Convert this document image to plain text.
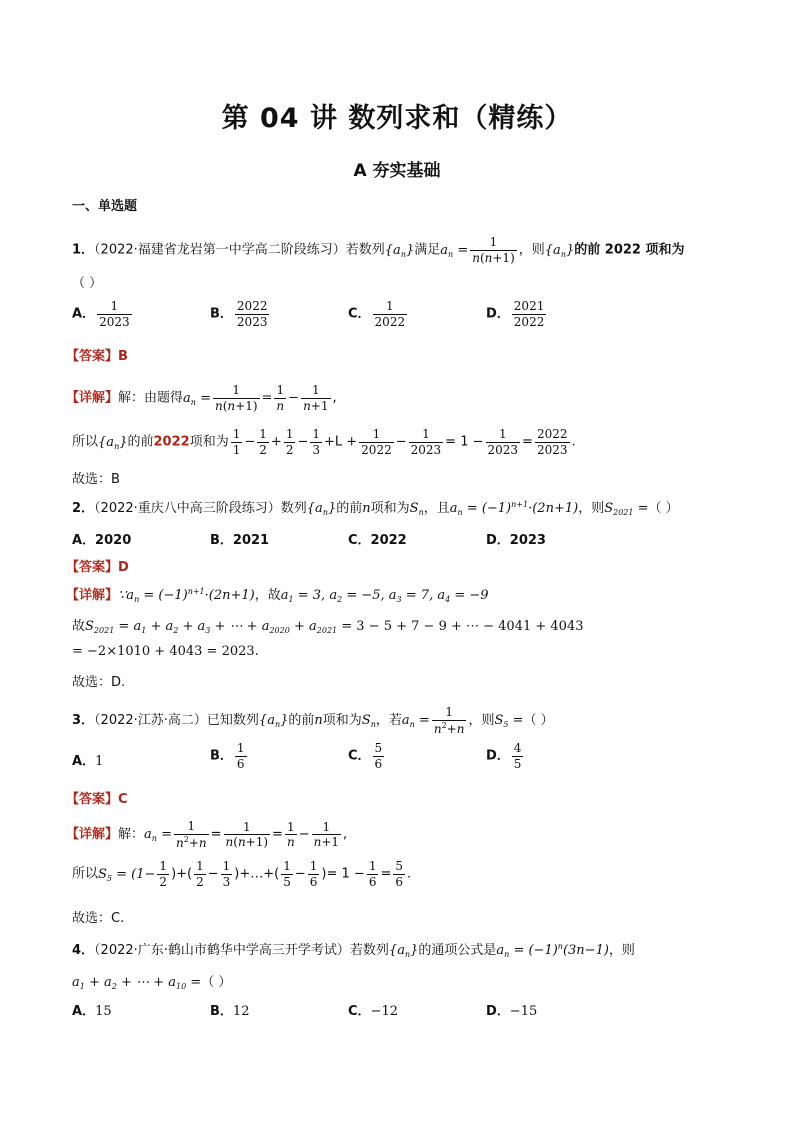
第 04 讲 数列求和（精练）
A 夯实基础
一、单选题
1．（2022·福建省龙岩第一中学高二阶段练习）若数列$\{a_n\}$满足$a_n = \frac{1}{n(n+1)}$ ，则$\{a_n\}$的前 2022 项和为
（ ）
A． $\frac{1}{2023}$	B． $\frac{2022}{2023}$	C． $\frac{1}{2022}$	D． $\frac{2021}{2022}$
【答案】B
【详解】解：由题得$a_n = \frac{1}{n(n+1)} = \frac{1}{n} - \frac{1}{n+1}$ ,
所以$\{a_n\}$的前2022项和为 $\frac{1}{1} - \frac{1}{2} + \frac{1}{2} - \frac{1}{3} +L + \frac{1}{2022} - \frac{1}{2023} = 1 - \frac{1}{2023} = \frac{2022}{2023}$ .
故选：B
2．（2022·重庆八中高三阶段练习）数列$\{a_n\}$的前n项和为$S_n$，且$a_n = (-1)^{n+1}\cdot(2n+1)$，则$S_{2021}$ =（ ）
A．2020	B．2021	C．2022	D．2023
【答案】D
【详解】$\because a_n = (-1)^{n+1}\cdot(2n+1)$，故$a_1 = 3$, $a_2 = -5$, $a_3 = 7$, $a_4 = -9$
故$S_{2021} = a_1 + a_2 + a_3$ + ⋯ + $a_{2020} + a_{2021} = 3 - 5 + 7 - 9$ + ⋯ − 4041 + 4043
= −2×1010 + 4043 = 2023.
故选：D.
3．（2022·江苏·高二）已知数列$\{a_n\}$的前n项和为$S_n$，若$a_n = \frac{1}{n^2+n}$ ，则$S_5$ =（ ）
A．1	B． $\frac{1}{6}$	C． $\frac{5}{6}$	D． $\frac{4}{5}$
【答案】C
【详解】解：$a_n = \frac{1}{n^2+n} = \frac{1}{n(n+1)} = \frac{1}{n} - \frac{1}{n+1}$ ,
所以$S_5 = (1- \frac{1}{2}$ )+( $\frac{1}{2} - \frac{1}{3}$ )+…+( $\frac{1}{5} - \frac{1}{6}$ )= $1 - \frac{1}{6} = \frac{5}{6}$ .
故选：C.
4．（2022·广东·鹤山市鹤华中学高三开学考试）若数列$\{a_n\}$的通项公式是$a_n = (-1)^n(3n-1)$，则
$a_1 + a_2$ + ⋯ + $a_{10}$ =（ ）
A．15	B．12	C．−12	D．−15
